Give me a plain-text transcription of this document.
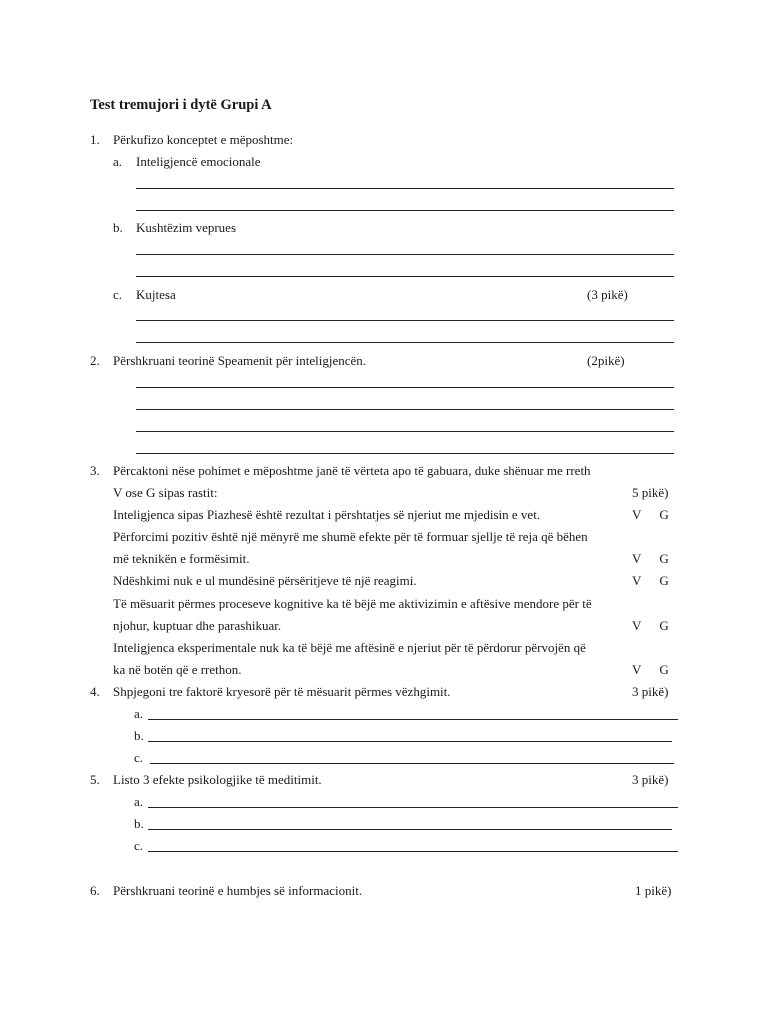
Test tremujori i dytë Grupi A
1. Përkufizo konceptet e mëposhtme:
a. Inteligjencë emocionale
b. Kushtëzim veprues
c. Kujtesa	(3 pikë)
2. Përshkruani teorinë Speamenit për inteligjencën.	(2pikë)
3. Përcaktoni nëse pohimet e mëposhtme janë të vërteta apo të gabuara, duke shënuar me rreth
V ose G sipas rastit:	5 pikë)
Inteligjenca sipas Piazhesë është rezultat i përshtatjes së njeriut me mjedisin e vet.	V G
Përforcimi pozitiv është një mënyrë me shumë efekte për të formuar sjellje të reja që bëhen
më teknikën e formësimit.	V G
Ndëshkimi nuk e ul mundësinë përsëritjeve të një reagimi.	V G
Të mësuarit përmes proceseve kognitive ka të bëjë me aktivizimin e aftësive mendore për të
njohur, kuptuar dhe parashikuar.	V G
Inteligjenca eksperimentale nuk ka të bëjë me aftësinë e njeriut për të përdorur përvojën që
ka në botën që e rrethon.	V G
4. Shpjegoni tre faktorë kryesorë për të mësuarit përmes vëzhgimit.	3 pikë)
a.
b.
c.
5. Listo 3 efekte psikologjike të meditimit.	3 pikë)
a.
b.
c.
6. Përshkruani teorinë e humbjes së informacionit.	1 pikë)
